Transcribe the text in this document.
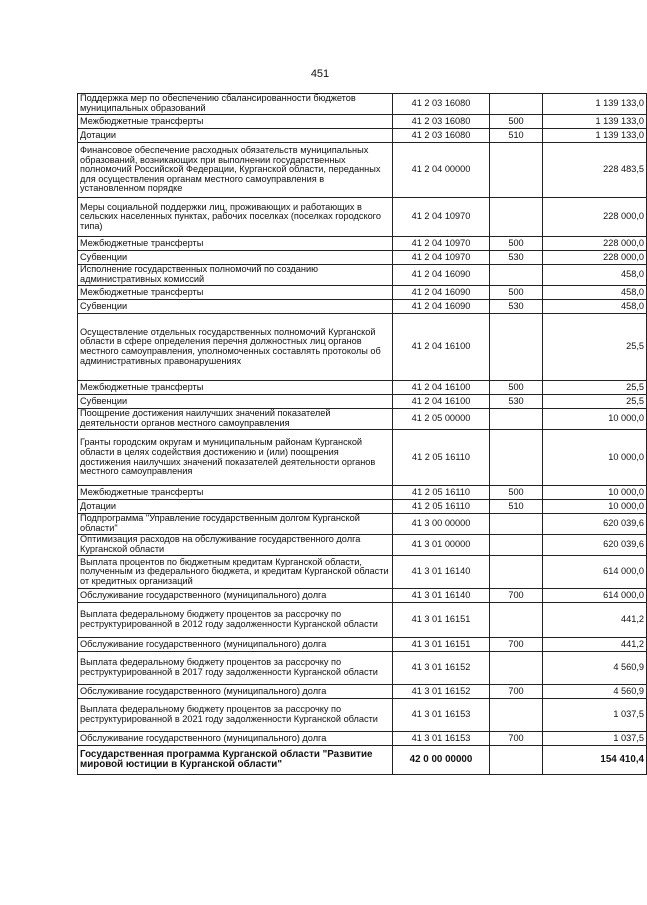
451
Поддержка мер по обеспечению сбалансированности бюджетов муниципальных образований	41 2 03 16080		1 139 133,0
Межбюджетные трансферты	41 2 03 16080	500	1 139 133,0
Дотации	41 2 03 16080	510	1 139 133,0
Финансовое обеспечение расходных обязательств муниципальных образований, возникающих при выполнении государственных полномочий Российской Федерации, Курганской области, переданных для осуществления органам местного самоуправления в установленном порядке	41 2 04 00000		228 483,5
Меры социальной поддержки лиц, проживающих и работающих в сельских населенных пунктах, рабочих поселках (поселках городского типа)	41 2 04 10970		228 000,0
Межбюджетные трансферты	41 2 04 10970	500	228 000,0
Субвенции	41 2 04 10970	530	228 000,0
Исполнение государственных полномочий по созданию административных комиссий	41 2 04 16090		458,0
Межбюджетные трансферты	41 2 04 16090	500	458,0
Субвенции	41 2 04 16090	530	458,0
Осуществление отдельных государственных полномочий Курганской области в сфере определения перечня должностных лиц органов местного самоуправления, уполномоченных составлять протоколы об административных правонарушениях	41 2 04 16100		25,5
Межбюджетные трансферты	41 2 04 16100	500	25,5
Субвенции	41 2 04 16100	530	25,5
Поощрение достижения наилучших значений показателей деятельности органов местного самоуправления	41 2 05 00000		10 000,0
Гранты городским округам и муниципальным районам Курганской области в целях содействия достижению и (или) поощрения достижения наилучших значений показателей деятельности органов местного самоуправления	41 2 05 16110		10 000,0
Межбюджетные трансферты	41 2 05 16110	500	10 000,0
Дотации	41 2 05 16110	510	10 000,0
Подпрограмма "Управление государственным долгом Курганской области"	41 3 00 00000		620 039,6
Оптимизация расходов на обслуживание государственного долга Курганской области	41 3 01 00000		620 039,6
Выплата процентов по бюджетным кредитам Курганской области, полученным из федерального бюджета, и кредитам Курганской области от кредитных организаций	41 3 01 16140		614 000,0
Обслуживание государственного (муниципального) долга	41 3 01 16140	700	614 000,0
Выплата федеральному бюджету процентов за рассрочку по реструктурированной в 2012 году задолженности Курганской области	41 3 01 16151		441,2
Обслуживание государственного (муниципального) долга	41 3 01 16151	700	441,2
Выплата федеральному бюджету процентов за рассрочку по реструктурированной в 2017 году задолженности Курганской области	41 3 01 16152		4 560,9
Обслуживание государственного (муниципального) долга	41 3 01 16152	700	4 560,9
Выплата федеральному бюджету процентов за рассрочку по реструктурированной в 2021 году задолженности Курганской области	41 3 01 16153		1 037,5
Обслуживание государственного (муниципального) долга	41 3 01 16153	700	1 037,5
Государственная программа Курганской области "Развитие мировой юстиции в Курганской области"	42 0 00 00000		154 410,4
